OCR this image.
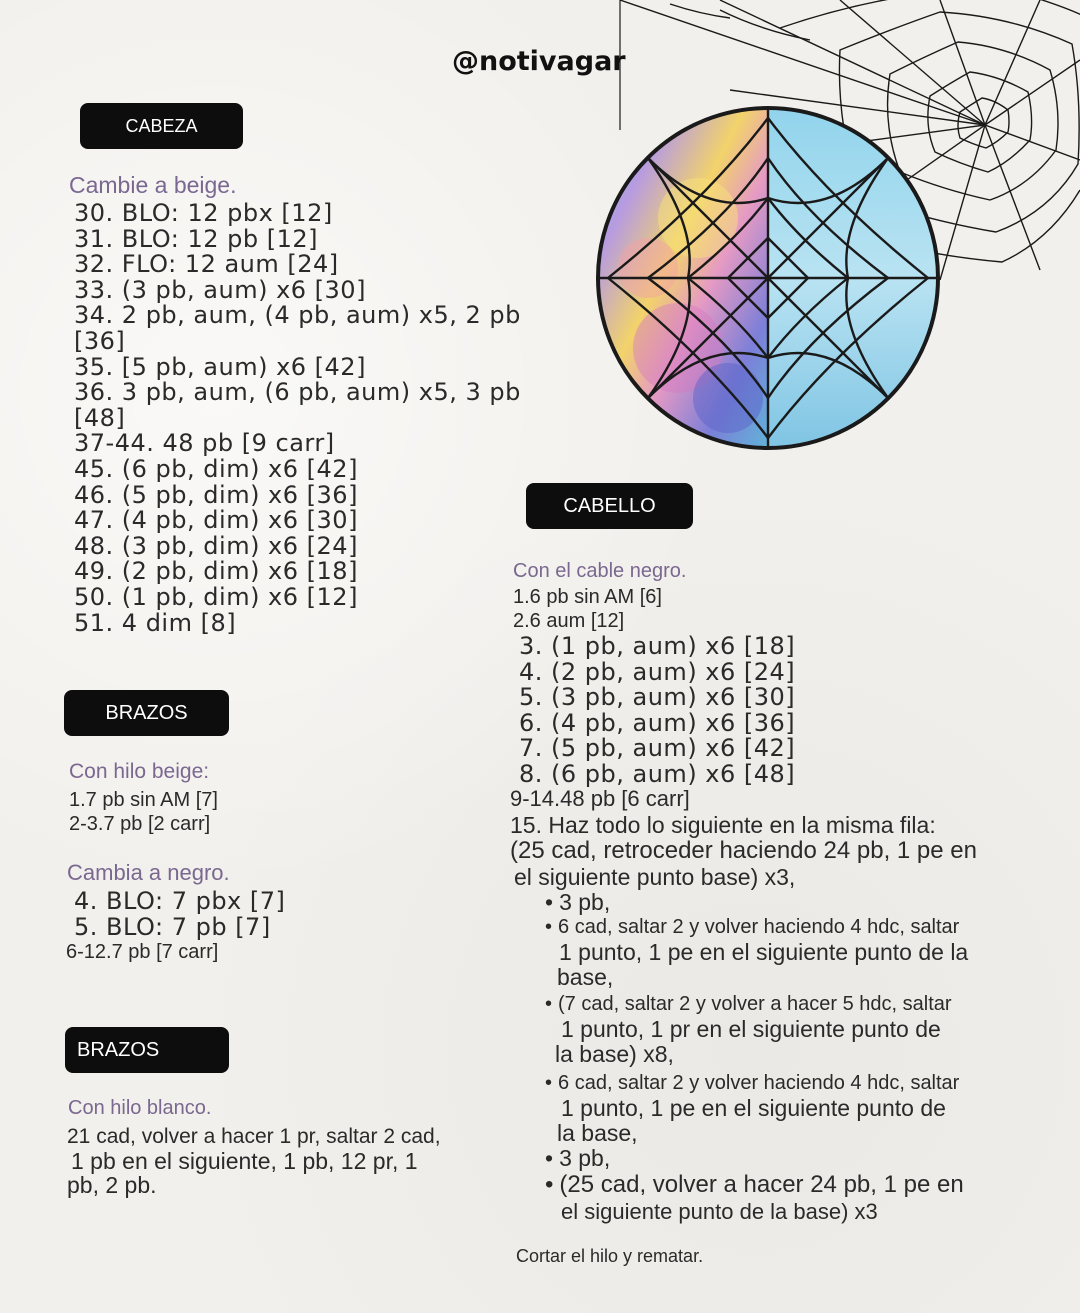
@notivagar
CABEZA
Cambie a beige.
30. BLO: 12 pbx [12]
31. BLO: 12 pb [12]
32. FLO: 12 aum [24]
33. (3 pb, aum) x6 [30]
34. 2 pb, aum, (4 pb, aum) x5, 2 pb
[36]
35. [5 pb, aum) x6 [42]
36. 3 pb, aum, (6 pb, aum) x5, 3 pb
[48]
37-44. 48 pb [9 carr]
45. (6 pb, dim) x6 [42]
46. (5 pb, dim) x6 [36]
47. (4 pb, dim) x6 [30]
48. (3 pb, dim) x6 [24]
49. (2 pb, dim) x6 [18]
50. (1 pb, dim) x6 [12]
51. 4 dim [8]
BRAZOS
Con hilo beige:
1.7 pb sin AM [7]
2-3.7 pb [2 carr]
Cambia a negro.
4. BLO: 7 pbx [7]
5. BLO: 7 pb [7]
6-12.7 pb [7 carr]
BRAZOS
Con hilo blanco.
21 cad, volver a hacer 1 pr, saltar 2 cad,
1 pb en el siguiente, 1 pb, 12 pr, 1
pb, 2 pb.
CABELLO
Con el cable negro.
1.6 pb sin AM [6]
2.6 aum [12]
3. (1 pb, aum) x6 [18]
4. (2 pb, aum) x6 [24]
5. (3 pb, aum) x6 [30]
6. (4 pb, aum) x6 [36]
7. (5 pb, aum) x6 [42]
8. (6 pb, aum) x6 [48]
9-14.48 pb [6 carr]
15. Haz todo lo siguiente en la misma fila:
(25 cad, retroceder haciendo 24 pb, 1 pe en
el siguiente punto base) x3,
• 3 pb,
• 6 cad, saltar 2 y volver haciendo 4 hdc, saltar
1 punto, 1 pe en el siguiente punto de la
base,
• (7 cad, saltar 2 y volver a hacer 5 hdc, saltar
1 punto, 1 pr en el siguiente punto de
la base) x8,
• 6 cad, saltar 2 y volver haciendo 4 hdc, saltar
1 punto, 1 pe en el siguiente punto de
la base,
• 3 pb,
• (25 cad, volver a hacer 24 pb, 1 pe en
el siguiente punto de la base) x3
Cortar el hilo y rematar.
